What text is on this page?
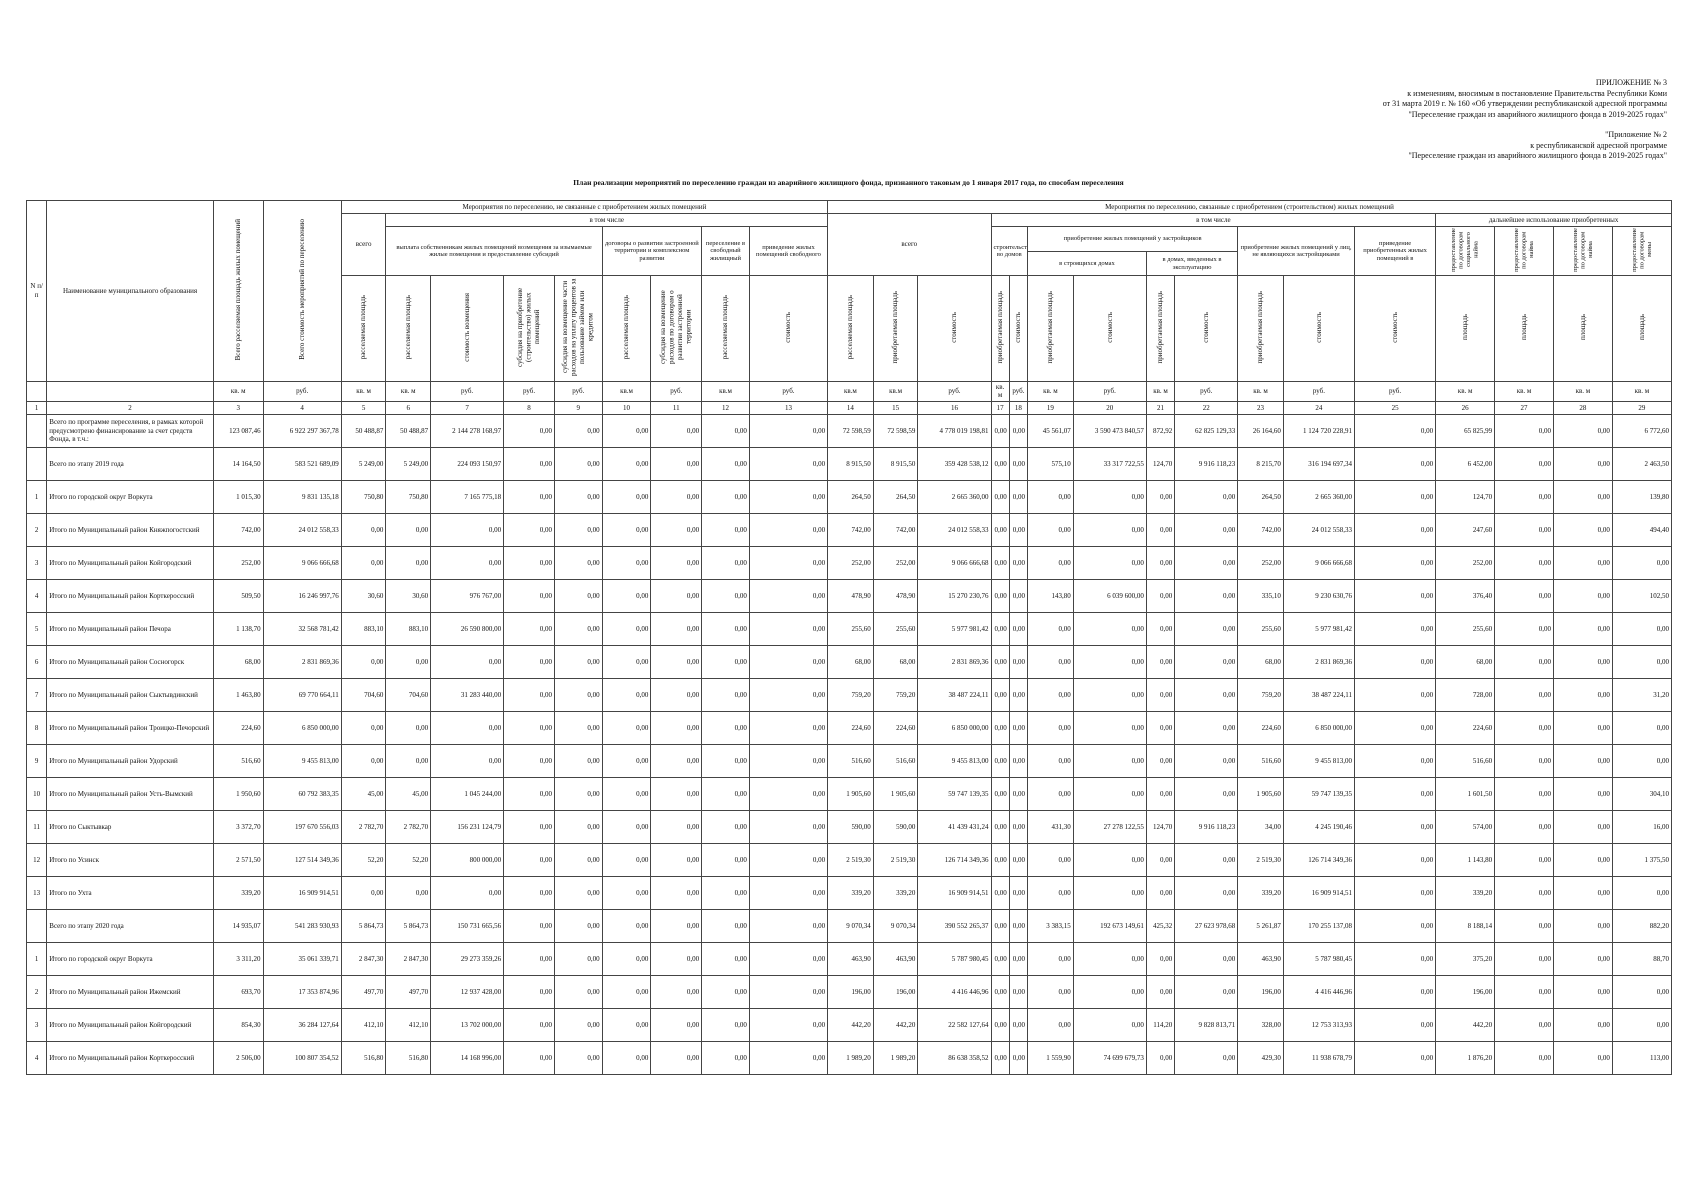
ПРИЛОЖЕНИЕ № 3
к изменениям, вносимым в постановление Правительства Республики Коми
от 31 марта 2019 г. № 160 «Об утверждении республиканской адресной программы
"Переселение граждан из аварийного жилищного фонда в 2019-2025 годах"
"Приложение № 2
к республиканской адресной программе
"Переселение граждан из аварийного жилищного фонда в 2019-2025 годах"
План реализации мероприятий по переселению граждан из аварийного жилищного фонда, признанного таковым до 1 января 2017 года, по способам переселения
N п/п	Наименование муниципального образования	Всего расселяемая площадь жилых помещений	Всего стоимость мероприятий по переселению	Мероприятия по переселению, не связанные с приобретением жилых помещений									Мероприятия по переселению, связанные с приобретением (строительством) жилых помещений															
				всего	в том числе								всего			в том числе									дальнейшее использование приобретенных			
					выплата собственникам жилых помещений возмещения за изымаемые жилые помещения и предоставление субсидий				договоры о развитии застроенной территории и комплексном развитии		переселение в свободный жилищный	приведение жилых помещений свободного				строительст во домов		приобретение жилых помещений у застройщиков				приобретение жилых помещений у лиц, не являющихся застройщиками		приведение приобретенных жилых помещений в	предоставление по договорам социального найма	предоставление по договорам найма	предоставление по договорам найма	предоставление по договорам мены
																		в строящихся домах		в домах, введенных в эксплуатацию								
				расселяемая площадь	расселяемая площадь	стоимость возмещения	субсидия на приобретение (строительство) жилых помещений	субсидия на возмещение части расходов на уплату процентов за пользование займом или кредитом	расселяемая площадь	субсидия на возмещение расходов по договорам о развитии застроенной территории	расселяемая площадь	стоимость	расселяемая площадь	приобретаемая площадь	стоимость	приобретаемая площадь	стоимость	приобретаемая площадь	стоимость	приобретаемая площадь	стоимость	приобретаемая площадь	стоимость	стоимость	площадь	площадь	площадь	площадь
		кв. м	руб.	кв. м	кв. м	руб.	руб.	руб.	кв.м	руб.	кв.м	руб.	кв.м	кв.м	руб.	кв. м	руб.	кв. м	руб.	кв. м	руб.	кв. м	руб.	руб.	кв. м	кв. м	кв. м	кв. м
1	2	3	4	5	6	7	8	9	10	11	12	13	14	15	16	17	18	19	20	21	22	23	24	25	26	27	28	29
	Всего по программе переселения, в рамках которой предусмотрено финансирование за счет средств Фонда, в т.ч.:	123 087,46	6 922 297 367,78	50 488,87	50 488,87	2 144 278 168,97	0,00	0,00	0,00	0,00	0,00	0,00	72 598,59	72 598,59	4 778 019 198,81	0,00	0,00	45 561,07	3 590 473 840,57	872,92	62 825 129,33	26 164,60	1 124 720 228,91	0,00	65 825,99	0,00	0,00	6 772,60
	Всего по этапу 2019 года	14 164,50	583 521 689,09	5 249,00	5 249,00	224 093 150,97	0,00	0,00	0,00	0,00	0,00	0,00	8 915,50	8 915,50	359 428 538,12	0,00	0,00	575,10	33 317 722,55	124,70	9 916 118,23	8 215,70	316 194 697,34	0,00	6 452,00	0,00	0,00	2 463,50
1	Итого по городской округ Воркута	1 015,30	9 831 135,18	750,80	750,80	7 165 775,18	0,00	0,00	0,00	0,00	0,00	0,00	264,50	264,50	2 665 360,00	0,00	0,00	0,00	0,00	0,00	0,00	264,50	2 665 360,00	0,00	124,70	0,00	0,00	139,80
2	Итого по Муниципальный район Княжпогостский	742,00	24 012 558,33	0,00	0,00	0,00	0,00	0,00	0,00	0,00	0,00	0,00	742,00	742,00	24 012 558,33	0,00	0,00	0,00	0,00	0,00	0,00	742,00	24 012 558,33	0,00	247,60	0,00	0,00	494,40
3	Итого по Муниципальный район Койгородский	252,00	9 066 666,68	0,00	0,00	0,00	0,00	0,00	0,00	0,00	0,00	0,00	252,00	252,00	9 066 666,68	0,00	0,00	0,00	0,00	0,00	0,00	252,00	9 066 666,68	0,00	252,00	0,00	0,00	0,00
4	Итого по Муниципальный район Корткеросский	509,50	16 246 997,76	30,60	30,60	976 767,00	0,00	0,00	0,00	0,00	0,00	0,00	478,90	478,90	15 270 230,76	0,00	0,00	143,80	6 039 600,00	0,00	0,00	335,10	9 230 630,76	0,00	376,40	0,00	0,00	102,50
5	Итого по Муниципальный район Печора	1 138,70	32 568 781,42	883,10	883,10	26 590 800,00	0,00	0,00	0,00	0,00	0,00	0,00	255,60	255,60	5 977 981,42	0,00	0,00	0,00	0,00	0,00	0,00	255,60	5 977 981,42	0,00	255,60	0,00	0,00	0,00
6	Итого по Муниципальный район Сосногорск	68,00	2 831 869,36	0,00	0,00	0,00	0,00	0,00	0,00	0,00	0,00	0,00	68,00	68,00	2 831 869,36	0,00	0,00	0,00	0,00	0,00	0,00	68,00	2 831 869,36	0,00	68,00	0,00	0,00	0,00
7	Итого по Муниципальный район Сыктывдинский	1 463,80	69 770 664,11	704,60	704,60	31 283 440,00	0,00	0,00	0,00	0,00	0,00	0,00	759,20	759,20	38 487 224,11	0,00	0,00	0,00	0,00	0,00	0,00	759,20	38 487 224,11	0,00	728,00	0,00	0,00	31,20
8	Итого по Муниципальный район Троицко-Печорский	224,60	6 850 000,00	0,00	0,00	0,00	0,00	0,00	0,00	0,00	0,00	0,00	224,60	224,60	6 850 000,00	0,00	0,00	0,00	0,00	0,00	0,00	224,60	6 850 000,00	0,00	224,60	0,00	0,00	0,00
9	Итого по Муниципальный район Удорский	516,60	9 455 813,00	0,00	0,00	0,00	0,00	0,00	0,00	0,00	0,00	0,00	516,60	516,60	9 455 813,00	0,00	0,00	0,00	0,00	0,00	0,00	516,60	9 455 813,00	0,00	516,60	0,00	0,00	0,00
10	Итого по Муниципальный район Усть-Вымский	1 950,60	60 792 383,35	45,00	45,00	1 045 244,00	0,00	0,00	0,00	0,00	0,00	0,00	1 905,60	1 905,60	59 747 139,35	0,00	0,00	0,00	0,00	0,00	0,00	1 905,60	59 747 139,35	0,00	1 601,50	0,00	0,00	304,10
11	Итого по Сыктывкар	3 372,70	197 670 556,03	2 782,70	2 782,70	156 231 124,79	0,00	0,00	0,00	0,00	0,00	0,00	590,00	590,00	41 439 431,24	0,00	0,00	431,30	27 278 122,55	124,70	9 916 118,23	34,00	4 245 190,46	0,00	574,00	0,00	0,00	16,00
12	Итого по Усинск	2 571,50	127 514 349,36	52,20	52,20	800 000,00	0,00	0,00	0,00	0,00	0,00	0,00	2 519,30	2 519,30	126 714 349,36	0,00	0,00	0,00	0,00	0,00	0,00	2 519,30	126 714 349,36	0,00	1 143,80	0,00	0,00	1 375,50
13	Итого по Ухта	339,20	16 909 914,51	0,00	0,00	0,00	0,00	0,00	0,00	0,00	0,00	0,00	339,20	339,20	16 909 914,51	0,00	0,00	0,00	0,00	0,00	0,00	339,20	16 909 914,51	0,00	339,20	0,00	0,00	0,00
	Всего по этапу 2020 года	14 935,07	541 283 930,93	5 864,73	5 864,73	150 731 665,56	0,00	0,00	0,00	0,00	0,00	0,00	9 070,34	9 070,34	390 552 265,37	0,00	0,00	3 383,15	192 673 149,61	425,32	27 623 978,68	5 261,87	170 255 137,08	0,00	8 188,14	0,00	0,00	882,20
1	Итого по городской округ Воркута	3 311,20	35 061 339,71	2 847,30	2 847,30	29 273 359,26	0,00	0,00	0,00	0,00	0,00	0,00	463,90	463,90	5 787 980,45	0,00	0,00	0,00	0,00	0,00	0,00	463,90	5 787 980,45	0,00	375,20	0,00	0,00	88,70
2	Итого по Муниципальный район Ижемский	693,70	17 353 874,96	497,70	497,70	12 937 428,00	0,00	0,00	0,00	0,00	0,00	0,00	196,00	196,00	4 416 446,96	0,00	0,00	0,00	0,00	0,00	0,00	196,00	4 416 446,96	0,00	196,00	0,00	0,00	0,00
3	Итого по Муниципальный район Койгородский	854,30	36 284 127,64	412,10	412,10	13 702 000,00	0,00	0,00	0,00	0,00	0,00	0,00	442,20	442,20	22 582 127,64	0,00	0,00	0,00	0,00	114,20	9 828 813,71	328,00	12 753 313,93	0,00	442,20	0,00	0,00	0,00
4	Итого по Муниципальный район Корткеросский	2 506,00	100 807 354,52	516,80	516,80	14 168 996,00	0,00	0,00	0,00	0,00	0,00	0,00	1 989,20	1 989,20	86 638 358,52	0,00	0,00	1 559,90	74 699 679,73	0,00	0,00	429,30	11 938 678,79	0,00	1 876,20	0,00	0,00	113,00
